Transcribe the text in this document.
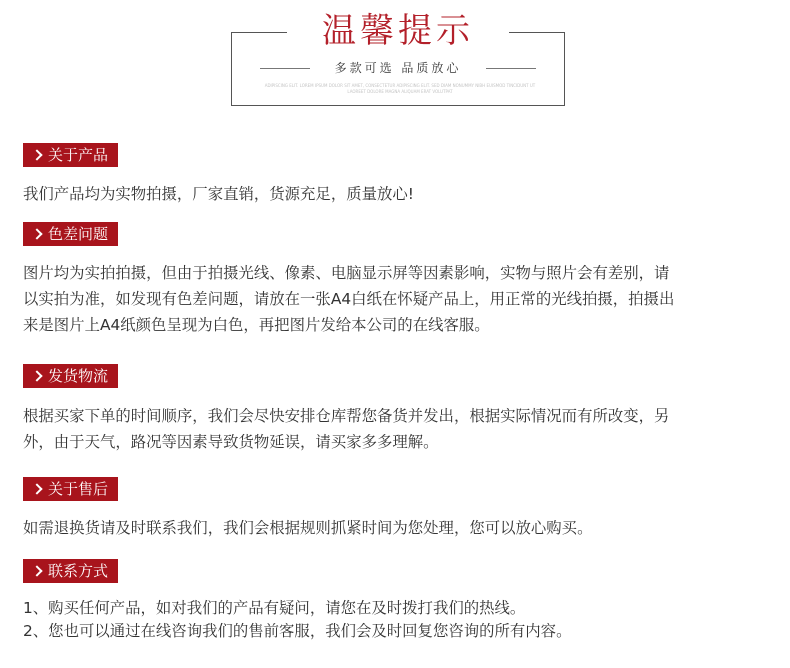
温馨提示
多款可选 品质放心
ADIPISCING ELIT. LOREM IPSUM DOLOR SIT AMET, CONSECTETUR ADIPISCING ELIT. SED DIAM NONUMMY NIBH EUISMOD TINCIDUNT UT LAOREET DOLORE MAGNA ALIQUAM ERAT VOLUTPAT
关于产品
我们产品均为实物拍摄，厂家直销，货源充足，质量放心!
色差问题
图片均为实拍拍摄，但由于拍摄光线、像素、电脑显示屏等因素影响，实物与照片会有差别，请
以实拍为准，如发现有色差问题，请放在一张A4白纸在怀疑产品上，用正常的光线拍摄，拍摄出
来是图片上A4纸颜色呈现为白色，再把图片发给本公司的在线客服。
发货物流
根据买家下单的时间顺序，我们会尽快安排仓库帮您备货并发出，根据实际情况而有所改变，另
外，由于天气，路况等因素导致货物延误，请买家多多理解。
关于售后
如需退换货请及时联系我们，我们会根据规则抓紧时间为您处理，您可以放心购买。
联系方式
1、购买任何产品，如对我们的产品有疑问，请您在及时拨打我们的热线。
2、您也可以通过在线咨询我们的售前客服，我们会及时回复您咨询的所有内容。
